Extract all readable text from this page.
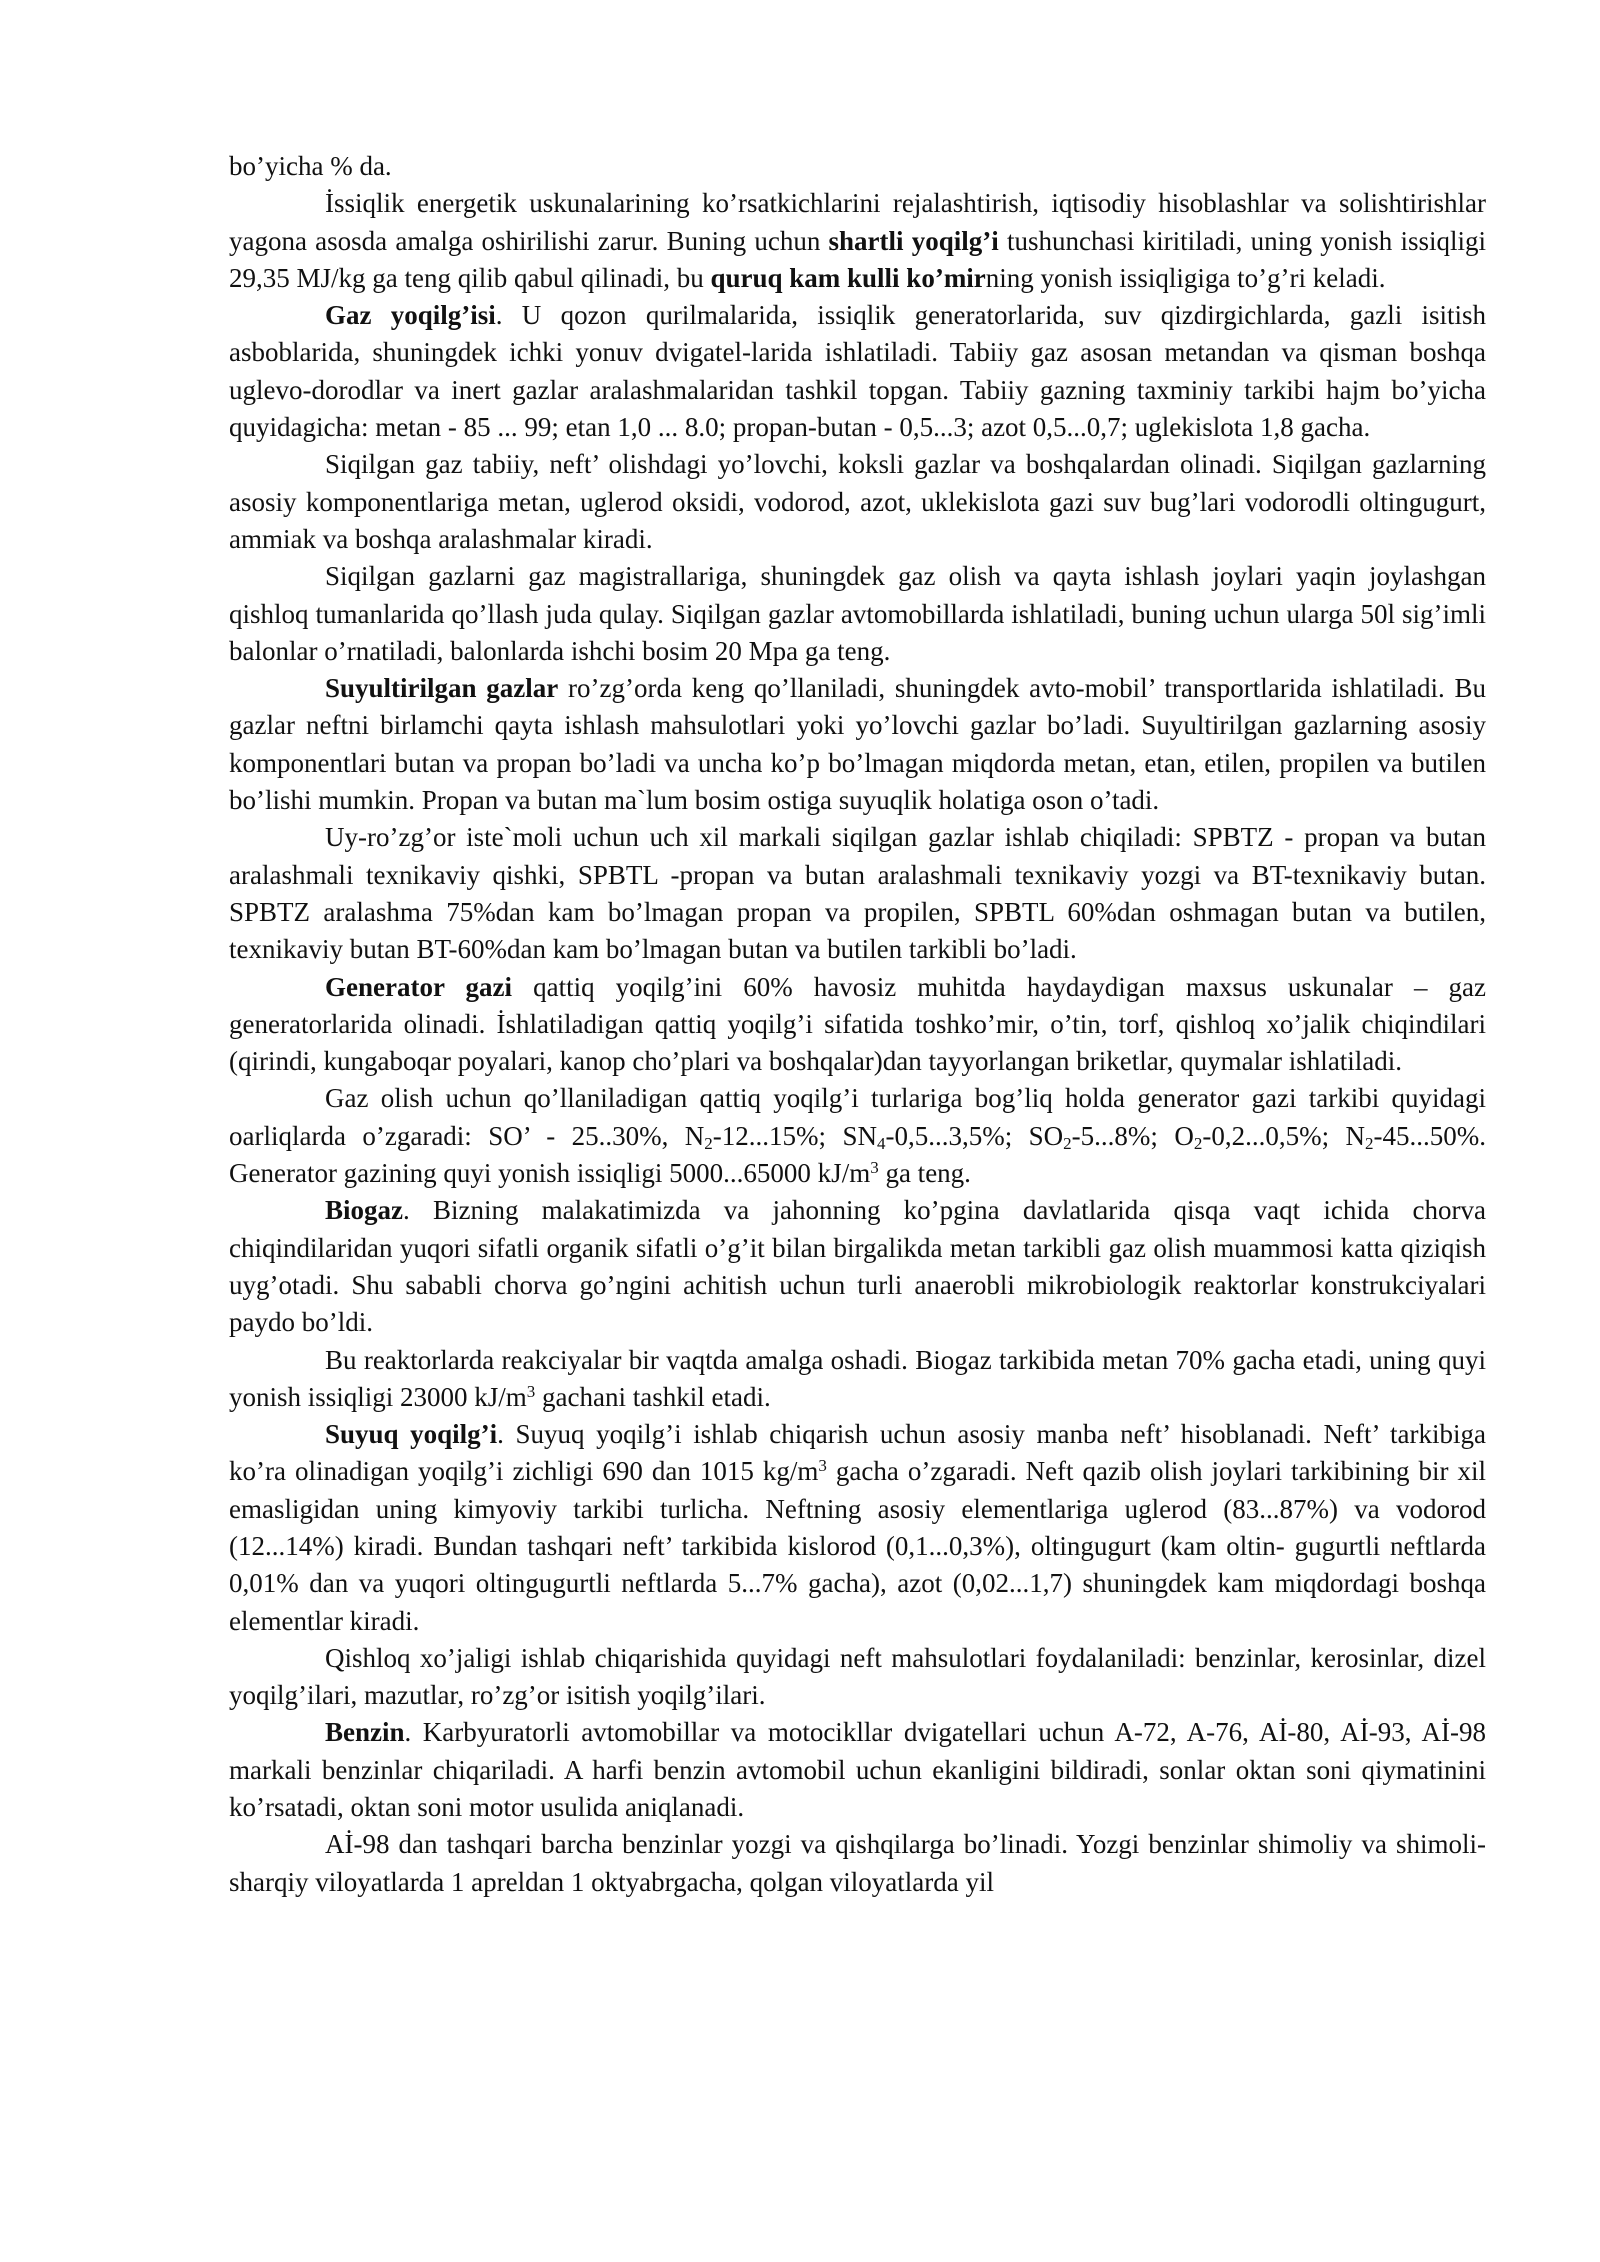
bo’yicha % da.

İssiqlik energetik uskunalarining ko’rsatkichlarini rejalashtirish, iqtisodiy hisoblashlar va solishtirishlar yagona asosda amalga oshirilishi zarur. Buning uchun shartli yoqilg’i tushunchasi kiritiladi, uning yonish issiqligi 29,35 MJ/kg ga teng qilib qabul qilinadi, bu quruq kam kulli ko’mirning yonish issiqligiga to’g’ri keladi.

Gaz yoqilg’isi. U qozon qurilmalarida, issiqlik generatorlarida, suv qizdirgichlarda, gazli isitish asboblarida, shuningdek ichki yonuv dvigatel-larida ishlatiladi. Tabiiy gaz asosan metandan va qisman boshqa uglevo-dorodlar va inert gazlar aralashmalaridan tashkil topgan. Tabiiy gazning taxminiy tarkibi hajm bo’yicha quyidagicha: metan - 85 ... 99; etan 1,0 ... 8.0; propan-butan - 0,5...3; azot 0,5...0,7; uglekislota 1,8 gacha.

Siqilgan gaz tabiiy, neft’ olishdagi yo’lovchi, koksli gazlar va boshqalardan olinadi. Siqilgan gazlarning asosiy komponentlariga metan, uglerod oksidi, vodorod, azot, uklekislota gazi suv bug’lari vodorodli oltingugurt, ammiak va boshqa aralashmalar kiradi.

Siqilgan gazlarni gaz magistrallariga, shuningdek gaz olish va qayta ishlash joylari yaqin joylashgan qishloq tumanlarida qo’llash juda qulay. Siqilgan gazlar avtomobillarda ishlatiladi, buning uchun ularga 50l sig’imli balonlar o’rnatiladi, balonlarda ishchi bosim 20 Mpa ga teng.

Suyultirilgan gazlar ro’zg’orda keng qo’llaniladi, shuningdek avto-mobil’ transportlarida ishlatiladi. Bu gazlar neftni birlamchi qayta ishlash mahsulotlari yoki yo’lovchi gazlar bo’ladi. Suyultirilgan gazlarning asosiy komponentlari butan va propan bo’ladi va uncha ko’p bo’lmagan miqdorda metan, etan, etilen, propilen va butilen bo’lishi mumkin. Propan va butan ma`lum bosim ostiga suyuqlik holatiga oson o’tadi.

Uy-ro’zg’or iste`moli uchun uch xil markali siqilgan gazlar ishlab chiqiladi: SPBTZ - propan va butan aralashmali texnikaviy qishki, SPBTL -propan va butan aralashmali texnikaviy yozgi va BT-texnikaviy butan. SPBTZ aralashma 75%dan kam bo’lmagan propan va propilen, SPBTL 60%dan oshmagan butan va butilen, texnikaviy butan BT-60%dan kam bo’lmagan butan va butilen tarkibli bo’ladi.

Generator gazi qattiq yoqilg’ini 60% havosiz muhitda haydaydigan maxsus uskunalar – gaz generatorlarida olinadi. İshlatiladigan qattiq yoqilg’i sifatida toshko’mir, o’tin, torf, qishloq xo’jalik chiqindilari (qirindi, kungaboqar poyalari, kanop cho’plari va boshqalar)dan tayyorlangan briketlar, quymalar ishlatiladi.

Gaz olish uchun qo’llaniladigan qattiq yoqilg’i turlariga bog’liq holda generator gazi tarkibi quyidagi oarliqlarda o’zgaradi: SO’ - 25..30%, $N_2-12...15\%$; $SN_4-0,5...3,5\%$; $SO_2-5...8\%$; $O_2-0,2...0,5\%$; $N_2-45...50\%$. Generator gazining quyi yonish issiqligi 5000...65000 $kJ/m^3$ ga teng.

Biogaz. Bizning malakatimizda va jahonning ko’pgina davlatlarida qisqa vaqt ichida chorva chiqindilaridan yuqori sifatli organik sifatli o’g’it bilan birgalikda metan tarkibli gaz olish muammosi katta qiziqish uyg’otadi. Shu sababli chorva go’ngini achitish uchun turli anaerobli mikrobiologik reaktorlar konstrukciyalari paydo bo’ldi.

Bu reaktorlarda reakciyalar bir vaqtda amalga oshadi. Biogaz tarkibida metan 70% gacha etadi, uning quyi yonish issiqligi 23000 $kJ/m^3$ gachani tashkil etadi.

Suyuq yoqilg’i. Suyuq yoqilg’i ishlab chiqarish uchun asosiy manba neft’ hisoblanadi. Neft’ tarkibiga ko’ra olinadigan yoqilg’i zichligi 690 dan 1015 $kg/m^3$ gacha o’zgaradi. Neft qazib olish joylari tarkibining bir xil emasligidan uning kimyoviy tarkibi turlicha. Neftning asosiy elementlariga uglerod (83...87%) va vodorod (12...14%) kiradi. Bundan tashqari neft’ tarkibida kislorod (0,1...0,3%), oltingugurt (kam oltin- gugurtli neftlarda 0,01% dan va yuqori oltingugurtli neftlarda 5...7% gacha), azot (0,02...1,7) shuningdek kam miqdordagi boshqa elementlar kiradi.

Qishloq xo’jaligi ishlab chiqarishida quyidagi neft mahsulotlari foydalaniladi: benzinlar, kerosinlar, dizel yoqilg’ilari, mazutlar, ro’zg’or isitish yoqilg’ilari.

Benzin. Karbyuratorli avtomobillar va motocikllar dvigatellari uchun A-72, A-76, Aİ-80, Aİ-93, Aİ-98 markali benzinlar chiqariladi. A harfi benzin avtomobil uchun ekanligini bildiradi, sonlar oktan soni qiymatinini ko’rsatadi, oktan soni motor usulida aniqlanadi.

Aİ-98 dan tashqari barcha benzinlar yozgi va qishqilarga bo’linadi. Yozgi benzinlar shimoliy va shimoli-sharqiy viloyatlarda 1 apreldan 1 oktyabrgacha, qolgan viloyatlarda yil
